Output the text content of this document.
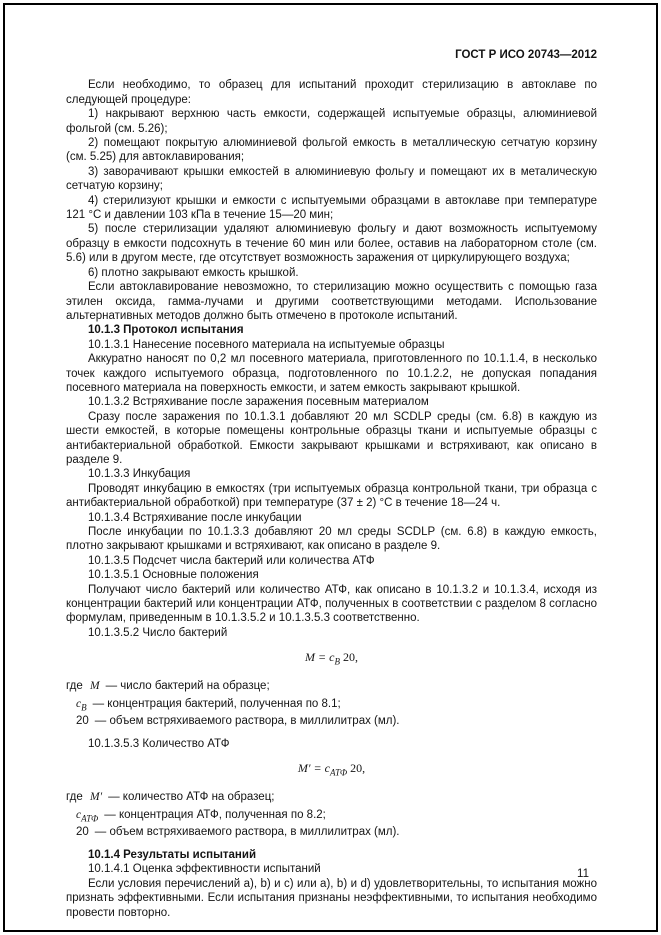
ГОСТ Р ИСО 20743—2012

Если необходимо, то образец для испытаний проходит стерилизацию в автоклаве по следующей процедуре:

1) накрывают верхнюю часть емкости, содержащей испытуемые образцы, алюминиевой фольгой (см. 5.26);

2) помещают покрытую алюминиевой фольгой емкость в металлическую сетчатую корзину (см. 5.25) для автоклавирования;

3) заворачивают крышки емкостей в алюминиевую фольгу и помещают их в металическую сетчатую корзину;

4) стерилизуют крышки и емкости с испытуемыми образцами в автоклаве при температуре 121 °С и давлении 103 кПа в течение 15—20 мин;

5) после стерилизации удаляют алюминиевую фольгу и дают возможность испытуемому образцу в емкости подсохнуть в течение 60 мин или более, оставив на лабораторном столе (см. 5.6) или в другом месте, где отсутствует возможность заражения от циркулирующего воздуха;

6) плотно закрывают емкость крышкой.

Если автоклавирование невозможно, то стерилизацию можно осуществить с помощью газа этилен оксида, гамма-лучами и другими соответствующими методами. Использование альтернативных методов должно быть отмечено в протоколе испытаний.

10.1.3 Протокол испытания

10.1.3.1 Нанесение посевного материала на испытуемые образцы

Аккуратно наносят по 0,2 мл посевного материала, приготовленного по 10.1.1.4, в несколько точек каждого испытуемого образца, подготовленного по 10.1.2.2, не допуская попадания посевного материала на поверхность емкости, и затем емкость закрывают крышкой.

10.1.3.2 Встряхивание после заражения посевным материалом

Сразу после заражения по 10.1.3.1 добавляют 20 мл SCDLP среды (см. 6.8) в каждую из шести емкостей, в которые помещены контрольные образцы ткани и испытуемые образцы с антибактериальной обработкой. Емкости закрывают крышками и встряхивают, как описано в разделе 9.

10.1.3.3 Инкубация

Проводят инкубацию в емкостях (три испытуемых образца контрольной ткани, три образца с антибактериальной обработкой) при температуре (37 ± 2) °С в течение 18—24 ч.

10.1.3.4 Встряхивание после инкубации

После инкубации по 10.1.3.3 добавляют 20 мл среды SCDLP (см. 6.8) в каждую емкость, плотно закрывают крышками и встряхивают, как описано в разделе 9.

10.1.3.5 Подсчет числа бактерий или количества АТФ

10.1.3.5.1 Основные положения

Получают число бактерий или количество АТФ, как описано в 10.1.3.2 и 10.1.3.4, исходя из концентрации бактерий или концентрации АТФ, полученных в соответствии с разделом 8 согласно формулам, приведенным в 10.1.3.5.2 и 10.1.3.5.3 соответственно.

10.1.3.5.2 Число бактерий

$M = c_В$ 20,
где M — число бактерий на образце;
$c_В$ — концентрация бактерий, полученная по 8.1;
20 — объем встряхиваемого раствора, в миллилитрах (мл).

10.1.3.5.3 Количество АТФ

$M' = c_{АТФ}$ 20,
где M′ — количество АТФ на образец;
$c_{АТФ}$ — концентрация АТФ, полученная по 8.2;
20 — объем встряхиваемого раствора, в миллилитрах (мл).

10.1.4 Результаты испытаний

10.1.4.1 Оценка эффективности испытаний

Если условия перечислений a), b) и c) или a), b) и d) удовлетворительны, то испытания можно признать эффективными. Если испытания признаны неэффективными, то испытания необходимо провести повторно.

11
